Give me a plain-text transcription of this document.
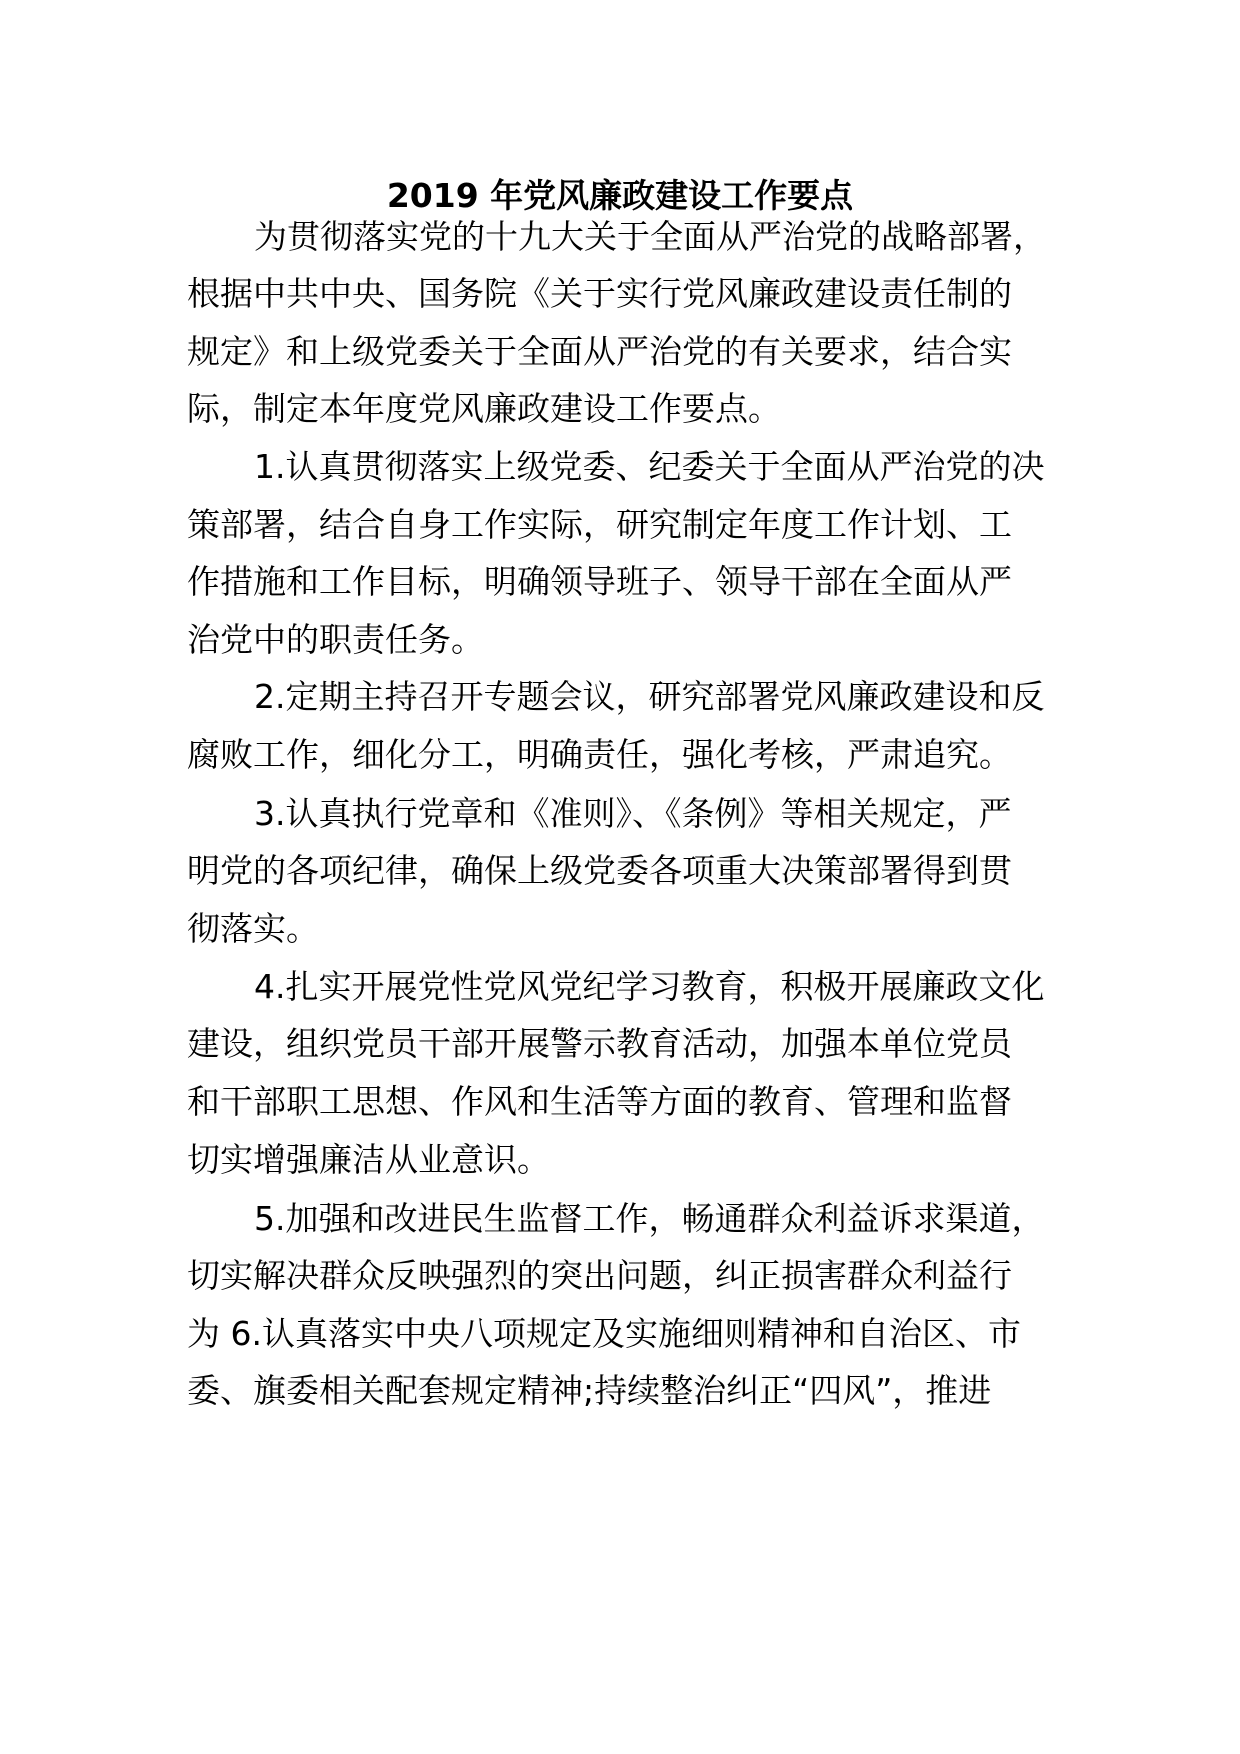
2019 年党风廉政建设工作要点

为贯彻落实党的十九大关于全面从严治党的战略部署，

根据中共中央、国务院《关于实行党风廉政建设责任制的

规定》和上级党委关于全面从严治党的有关要求，结合实

际，制定本年度党风廉政建设工作要点。

1.认真贯彻落实上级党委、纪委关于全面从严治党的决

策部署，结合自身工作实际，研究制定年度工作计划、工

作措施和工作目标，明确领导班子、领导干部在全面从严

治党中的职责任务。

2.定期主持召开专题会议，研究部署党风廉政建设和反

腐败工作，细化分工，明确责任，强化考核，严肃追究。

3.认真执行党章和《准则》、《条例》等相关规定，严

明党的各项纪律，确保上级党委各项重大决策部署得到贯

彻落实。

4.扎实开展党性党风党纪学习教育，积极开展廉政文化

建设，组织党员干部开展警示教育活动，加强本单位党员

和干部职工思想、作风和生活等方面的教育、管理和监督

切实增强廉洁从业意识。

5.加强和改进民生监督工作，畅通群众利益诉求渠道，

切实解决群众反映强烈的突出问题，纠正损害群众利益行

为 6.认真落实中央八项规定及实施细则精神和自治区、市

委、旗委相关配套规定精神;持续整治纠正“四风”，推进
